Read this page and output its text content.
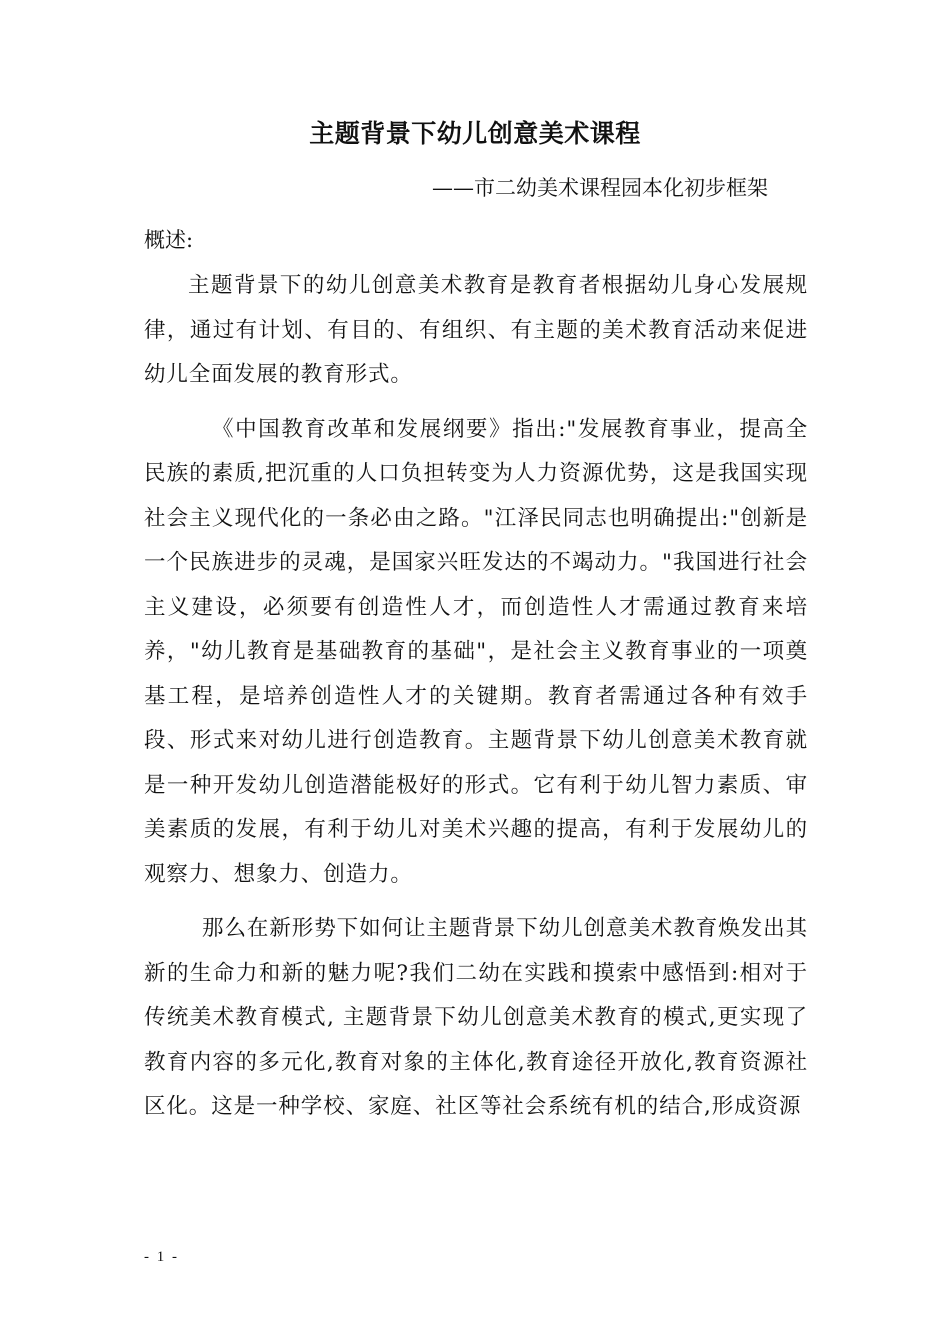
主题背景下幼儿创意美术课程
——市二幼美术课程园本化初步框架
概述:

主题背景下的幼儿创意美术教育是教育者根据幼儿身心发展规律，通过有计划、有目的、有组织、有主题的美术教育活动来促进幼儿全面发展的教育形式。

《中国教育改革和发展纲要》指出:"发展教育事业，提高全民族的素质,把沉重的人口负担转变为人力资源优势，这是我国实现社会主义现代化的一条必由之路。"江泽民同志也明确提出:"创新是一个民族进步的灵魂，是国家兴旺发达的不竭动力。"我国进行社会主义建设，必须要有创造性人才，而创造性人才需通过教育来培养，"幼儿教育是基础教育的基础"，是社会主义教育事业的一项奠基工程，是培养创造性人才的关键期。教育者需通过各种有效手段、形式来对幼儿进行创造教育。主题背景下幼儿创意美术教育就是一种开发幼儿创造潜能极好的形式。它有利于幼儿智力素质、审美素质的发展，有利于幼儿对美术兴趣的提高，有利于发展幼儿的观察力、想象力、创造力。

那么在新形势下如何让主题背景下幼儿创意美术教育焕发出其新的生命力和新的魅力呢?我们二幼在实践和摸索中感悟到:相对于传统美术教育模式, 主题背景下幼儿创意美术教育的模式,更实现了教育内容的多元化,教育对象的主体化,教育途径开放化,教育资源社区化。这是一种学校、家庭、社区等社会系统有机的结合,形成资源

- 1 -
